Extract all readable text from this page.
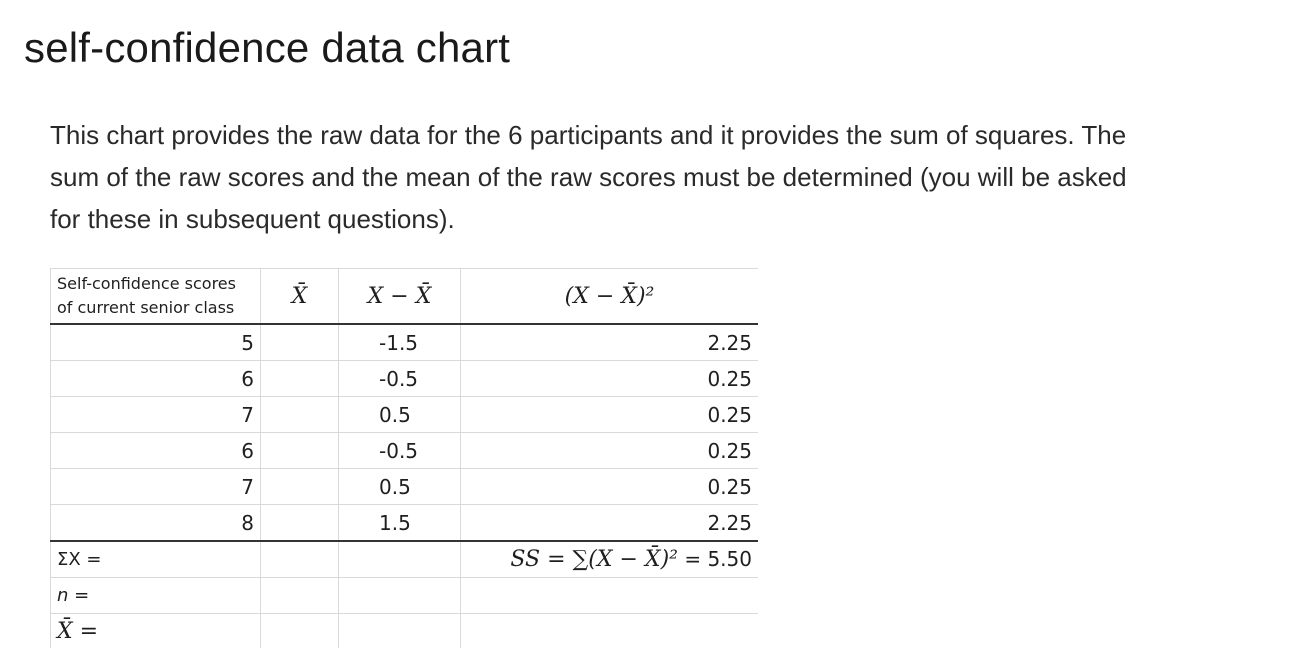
self-confidence data chart
This chart provides the raw data for the 6 participants and it provides the sum of squares. The sum of the raw scores and the mean of the raw scores must be determined (you will be asked for these in subsequent questions).
Self-confidence scores
of current senior class	X̄	X − X̄	(X − X̄)²
5		-1.5	2.25
6		-0.5	0.25
7		0.5	0.25
6		-0.5	0.25
7		0.5	0.25
8		1.5	2.25
ΣX =			SS = ∑(X − X̄)² = 5.50
n =			
X̄ =			
